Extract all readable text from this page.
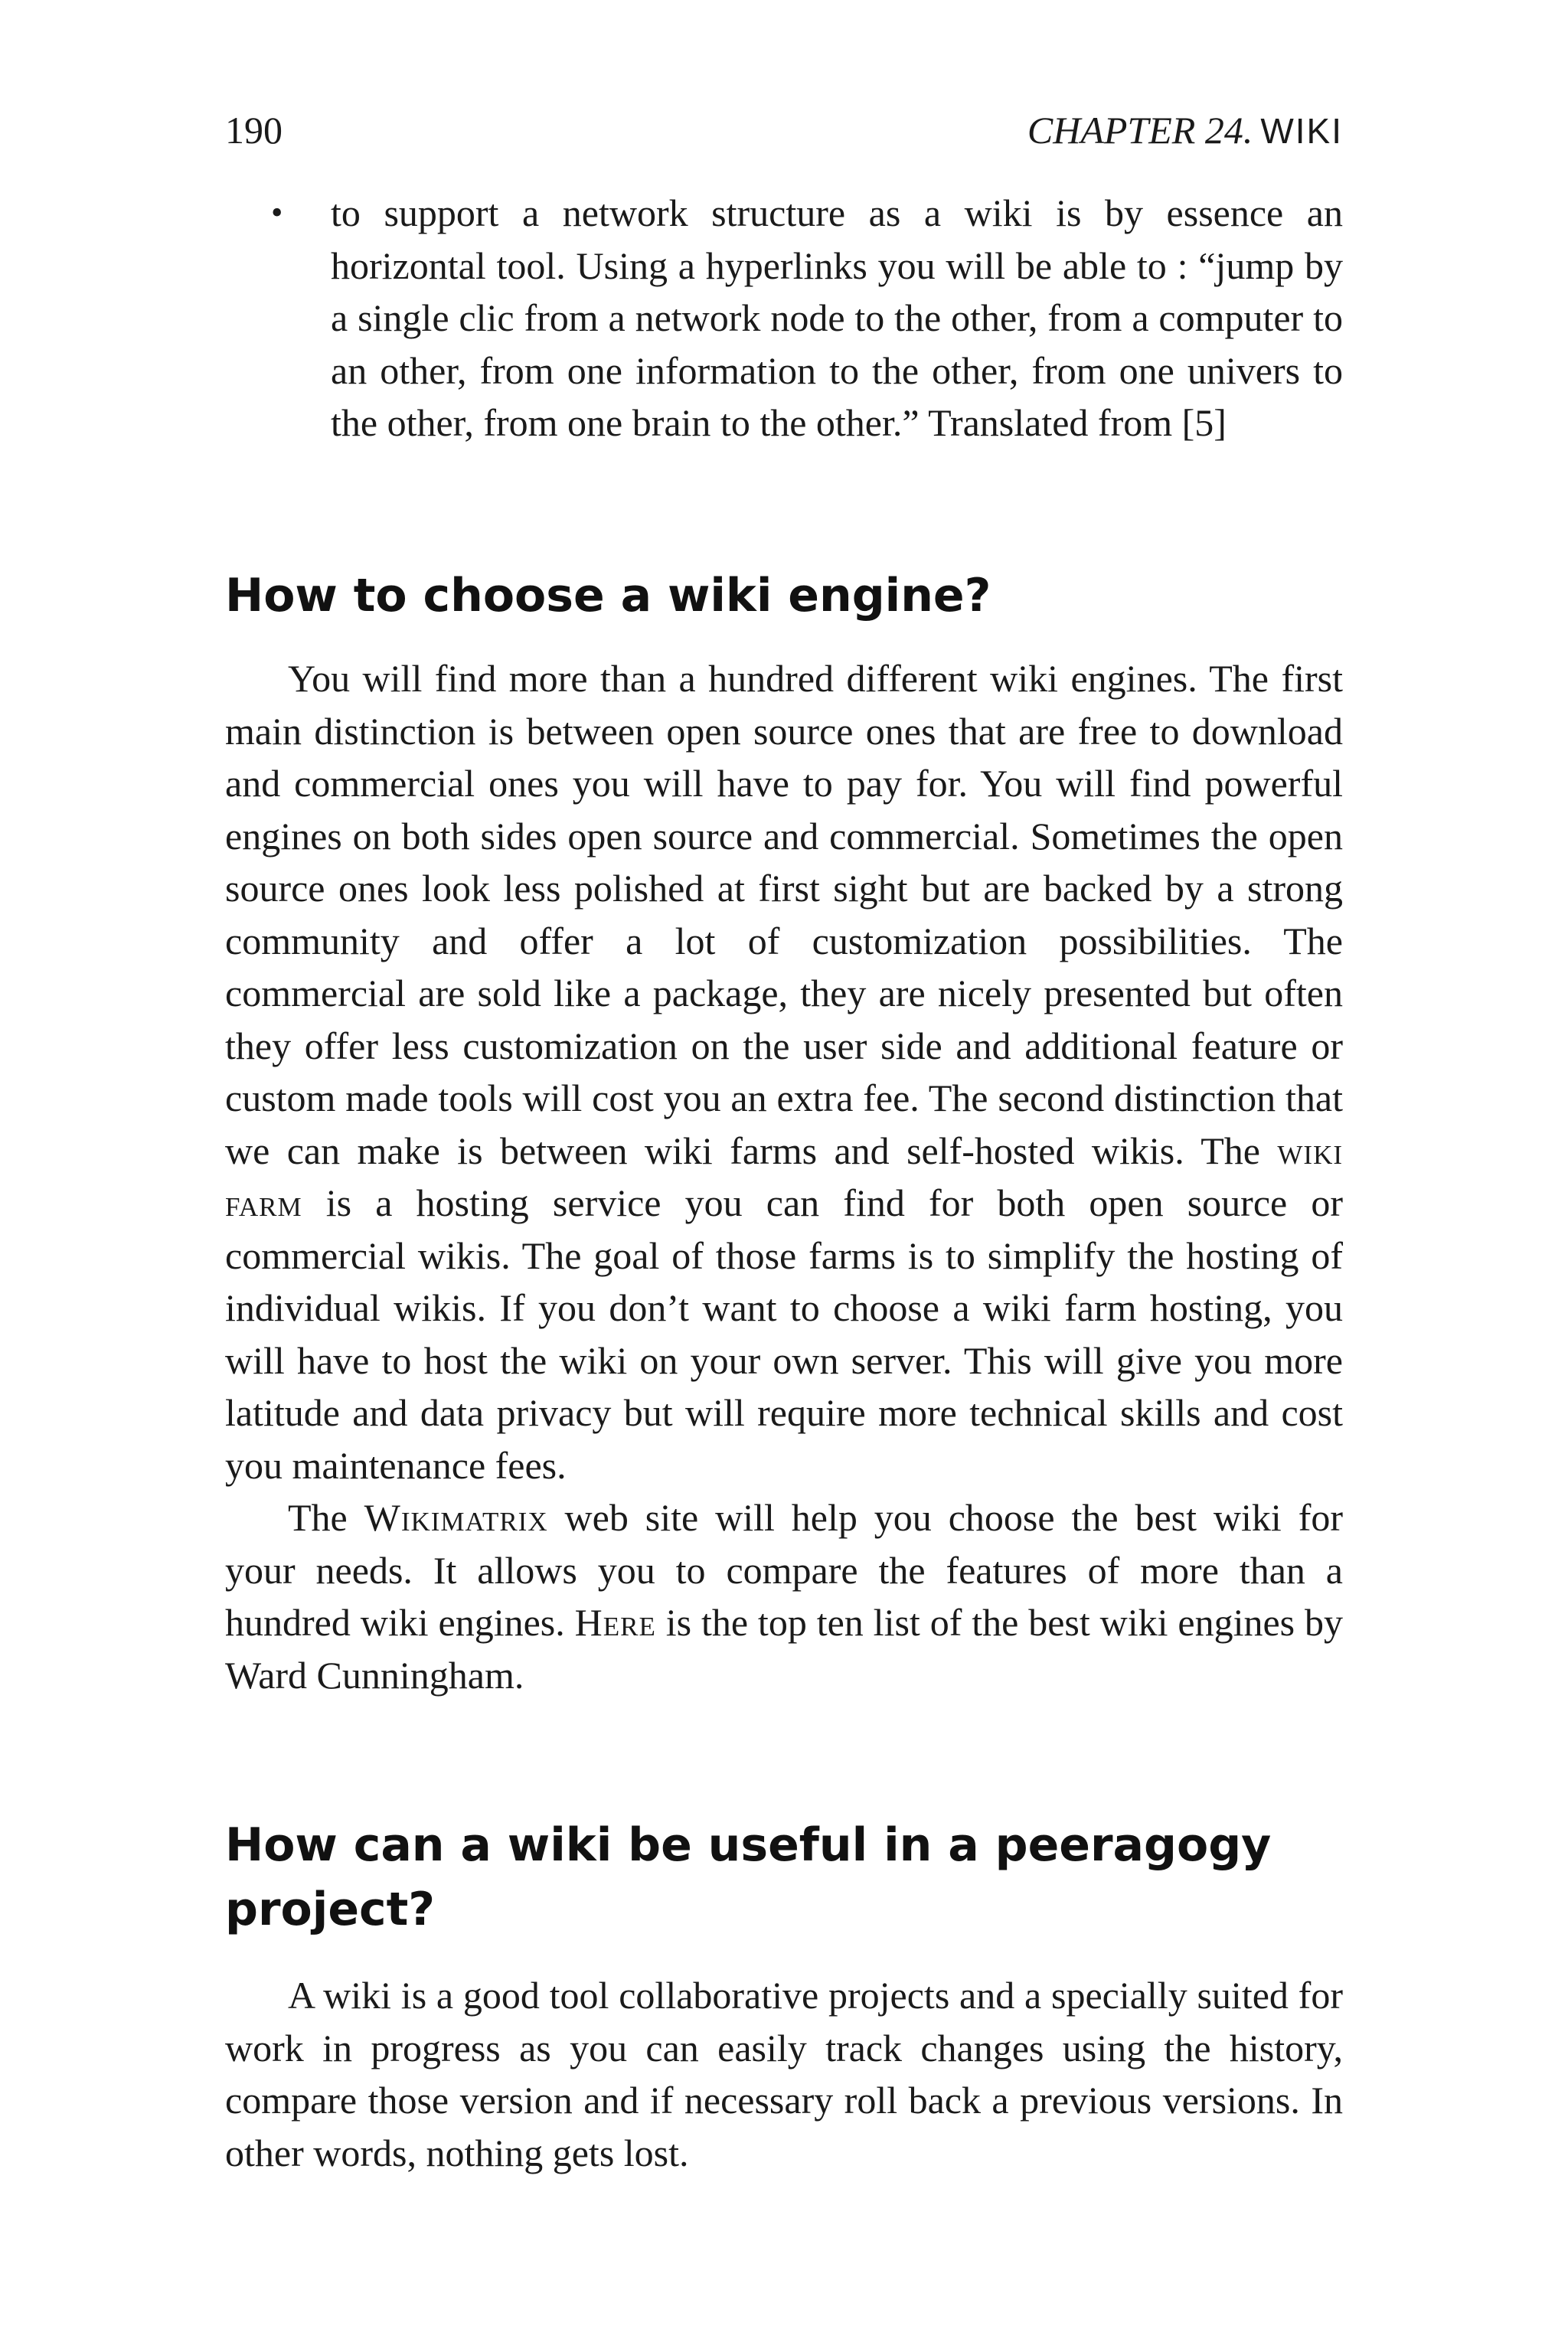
190	CHAPTER 24. WIKI
• to support a network structure as a wiki is by essence an horizontal tool. Using a hyperlinks you will be able to : “jump by a single clic from a network node to the other, from a computer to an other, from one information to the other, from one univers to the other, from one brain to the other.” Translated from [5]

How to choose a wiki engine?

You will find more than a hundred different wiki engines. The first main distinction is between open source ones that are free to download and commercial ones you will have to pay for. You will find powerful engines on both sides open source and commercial. Sometimes the open source ones look less polished at first sight but are backed by a strong community and offer a lot of customization possibilities. The commercial are sold like a package, they are nicely presented but often they offer less customization on the user side and additional feature or custom made tools will cost you an extra fee. The second distinction that we can make is between wiki farms and self-hosted wikis. The wiki farm is a hosting service you can find for both open source or commercial wikis. The goal of those farms is to simplify the hosting of individual wikis. If you don’t want to choose a wiki farm hosting, you will have to host the wiki on your own server. This will give you more latitude and data privacy but will require more technical skills and cost you maintenance fees.

The Wikimatrix web site will help you choose the best wiki for your needs. It allows you to compare the features of more than a hundred wiki engines. Here is the top ten list of the best wiki engines by Ward Cunningham.

How can a wiki be useful in a peeragogy project?

A wiki is a good tool collaborative projects and a specially suited for work in progress as you can easily track changes using the history, compare those version and if necessary roll back a previous versions. In other words, nothing gets lost.
